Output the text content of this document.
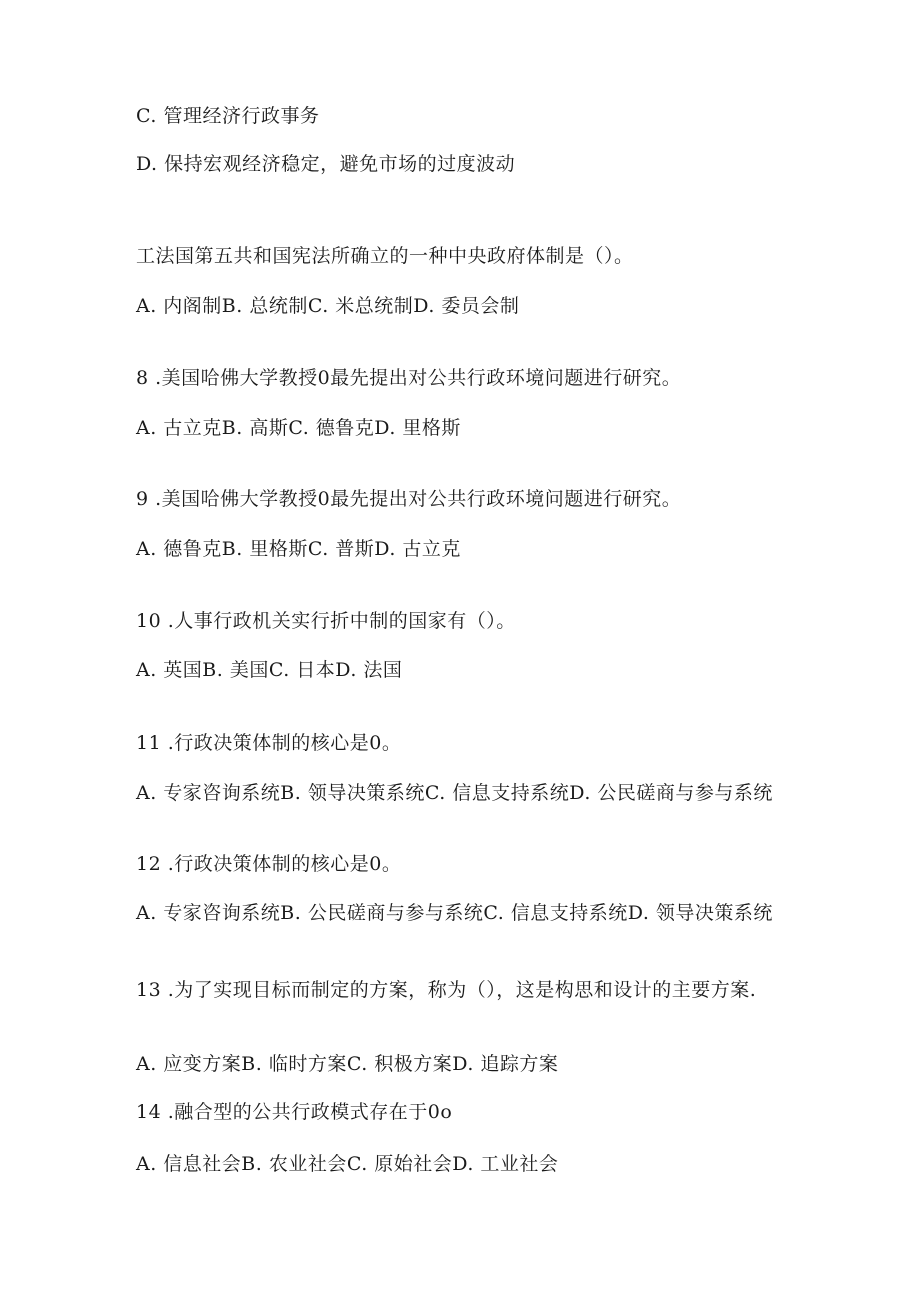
C. 管理经济行政事务
D. 保持宏观经济稳定，避免市场的过度波动
工法国第五共和国宪法所确立的一种中央政府体制是（）。
A. 内阁制B. 总统制C. 米总统制D. 委员会制
8 .美国哈佛大学教授0最先提出对公共行政环境问题进行研究。
A. 古立克B. 高斯C. 德鲁克D. 里格斯
9 .美国哈佛大学教授0最先提出对公共行政环境问题进行研究。
A. 德鲁克B. 里格斯C. 普斯D. 古立克
10 .人事行政机关实行折中制的国家有（）。
A. 英国B. 美国C. 日本D. 法国
11 .行政决策体制的核心是0。
A. 专家咨询系统B. 领导决策系统C. 信息支持系统D. 公民磋商与参与系统
12 .行政决策体制的核心是0。
A. 专家咨询系统B. 公民磋商与参与系统C. 信息支持系统D. 领导决策系统
13 .为了实现目标而制定的方案，称为（），这是构思和设计的主要方案.
A. 应变方案B. 临时方案C. 积极方案D. 追踪方案
14 .融合型的公共行政模式存在于0o
A. 信息社会B. 农业社会C. 原始社会D. 工业社会
